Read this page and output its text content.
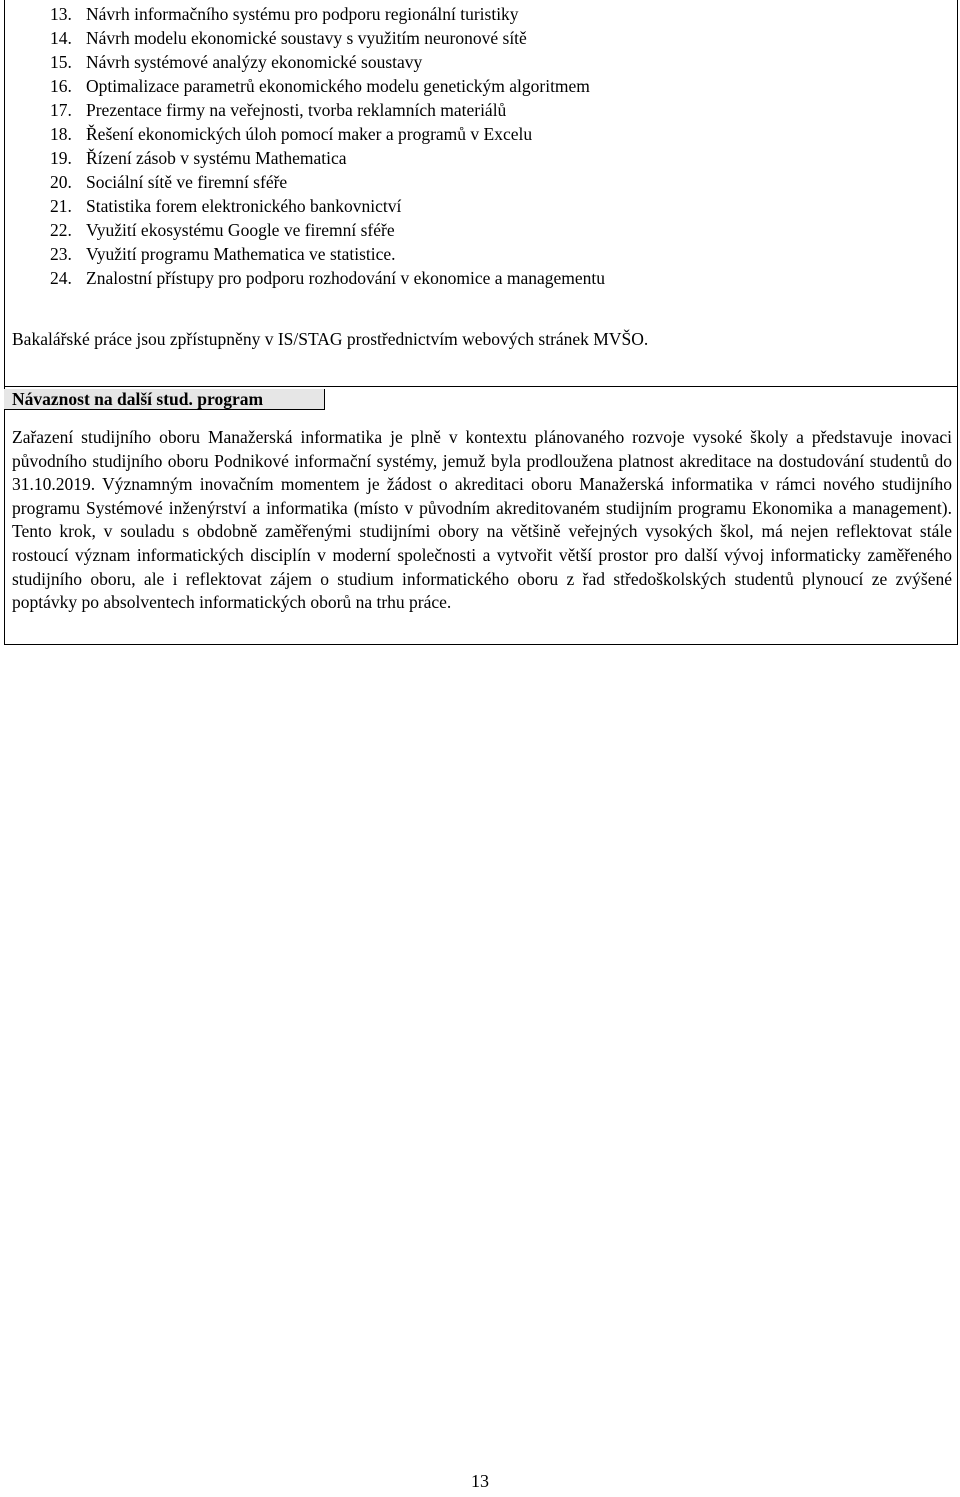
13. Návrh informačního systému pro podporu regionální turistiky
14. Návrh modelu ekonomické soustavy s využitím neuronové sítě
15. Návrh systémové analýzy ekonomické soustavy
16. Optimalizace parametrů ekonomického modelu genetickým algoritmem
17. Prezentace firmy na veřejnosti, tvorba reklamních materiálů
18. Řešení ekonomických úloh pomocí maker a programů v Excelu
19. Řízení zásob v systému Mathematica
20. Sociální sítě ve firemní sféře
21. Statistika forem elektronického bankovnictví
22. Využití ekosystému Google ve firemní sféře
23. Využití programu Mathematica ve statistice.
24. Znalostní přístupy pro podporu rozhodování v ekonomice a managementu
Bakalářské práce jsou zpřístupněny v IS/STAG prostřednictvím webových stránek MVŠO.
Návaznost na další stud. program

Zařazení studijního oboru Manažerská informatika je plně v kontextu plánovaného rozvoje vysoké školy a představuje inovaci původního studijního oboru Podnikové informační systémy, jemuž byla prodloužena platnost akreditace na dostudování studentů do 31.10.2019. Významným inovačním momentem je žádost o akreditaci oboru Manažerská informatika v rámci nového studijního programu Systémové inženýrství a informatika (místo v původním akreditovaném studijním programu Ekonomika a management). Tento krok, v souladu s obdobně zaměřenými studijními obory na většině veřejných vysokých škol, má nejen reflektovat stále rostoucí význam informatických disciplín v moderní společnosti a vytvořit větší prostor pro další vývoj informaticky zaměřeného studijního oboru, ale i reflektovat zájem o studium informatického oboru z řad středoškolských studentů plynoucí ze zvýšené poptávky po absolventech informatických oborů na trhu práce.

13
